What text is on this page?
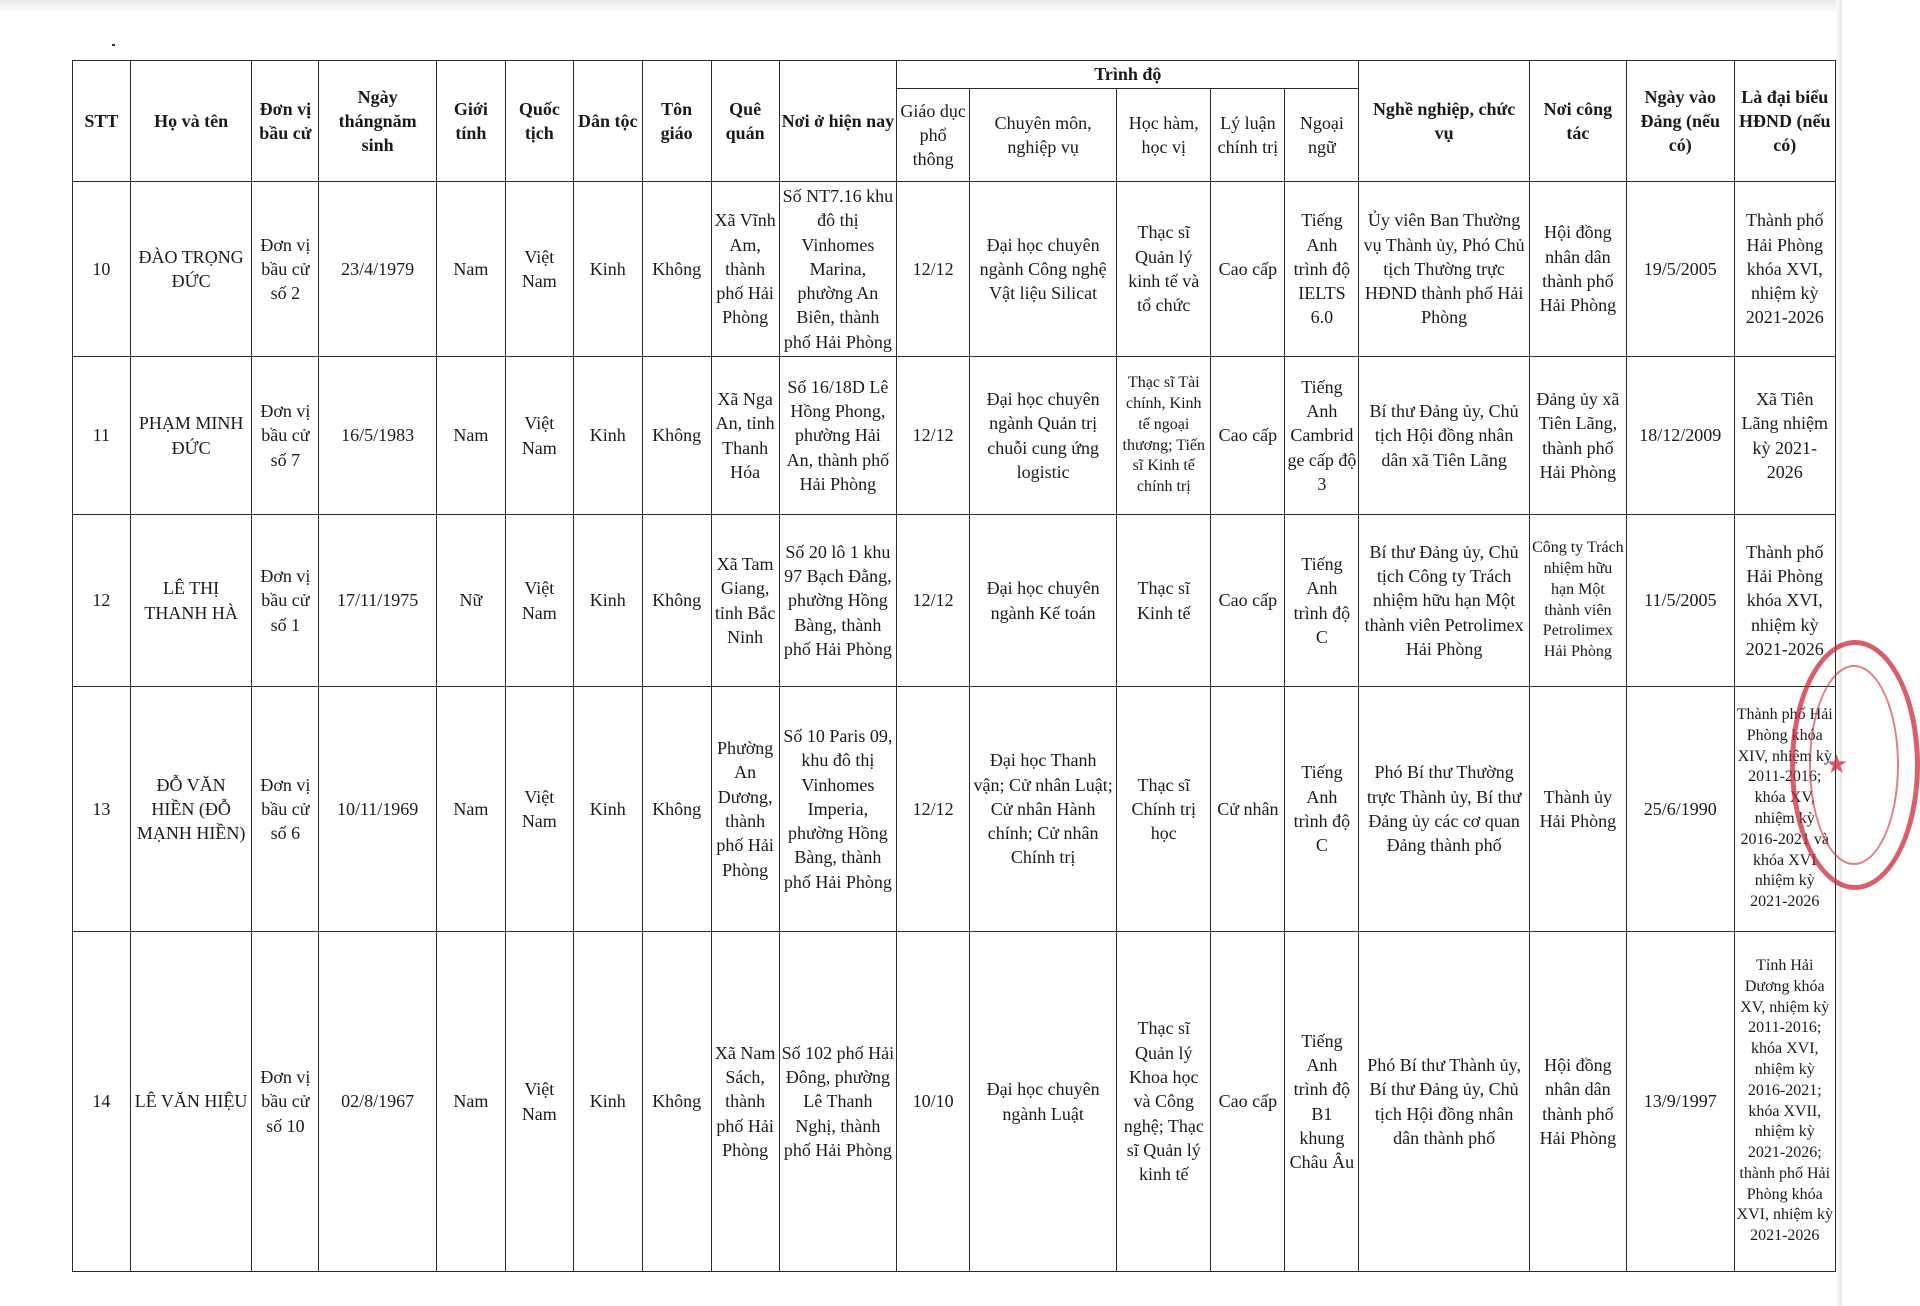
STT	Họ và tên	Đơn vị bầu cử	Ngày thángnăm sinh	Giới tính	Quốc tịch	Dân tộc	Tôn giáo	Quê quán	Nơi ở hiện nay	Trình độ					Nghề nghiệp, chức vụ	Nơi công tác	Ngày vào Đảng (nếu có)	Là đại biểu HĐND (nếu có)
										Giáo dục phổ thông	Chuyên môn, nghiệp vụ	Học hàm, học vị	Lý luận chính trị	Ngoại ngữ				
10	ĐÀO TRỌNG ĐỨC	Đơn vị bầu cử số 2	23/4/1979	Nam	Việt Nam	Kinh	Không	Xã Vĩnh Am, thành phố Hải Phòng	Số NT7.16 khu đô thị Vinhomes Marina, phường An Biên, thành phố Hải Phòng	12/12	Đại học chuyên ngành Công nghệ Vật liệu Silicat	Thạc sĩ Quản lý kinh tế và tổ chức	Cao cấp	Tiếng Anh trình độ IELTS 6.0	Ủy viên Ban Thường vụ Thành ủy, Phó Chủ tịch Thường trực HĐND thành phố Hải Phòng	Hội đồng nhân dân thành phố Hải Phòng	19/5/2005	Thành phố Hải Phòng khóa XVI, nhiệm kỳ 2021-2026
11	PHẠM MINH ĐỨC	Đơn vị bầu cử số 7	16/5/1983	Nam	Việt Nam	Kinh	Không	Xã Nga An, tỉnh Thanh Hóa	Số 16/18D Lê Hồng Phong, phường Hải An, thành phố Hải Phòng	12/12	Đại học chuyên ngành Quản trị chuỗi cung ứng logistic	Thạc sĩ Tài chính, Kinh tế ngoại thương; Tiến sĩ Kinh tế chính trị	Cao cấp	Tiếng Anh Cambridge cấp độ 3	Bí thư Đảng ủy, Chủ tịch Hội đồng nhân dân xã Tiên Lãng	Đảng ủy xã Tiên Lãng, thành phố Hải Phòng	18/12/2009	Xã Tiên Lãng nhiệm kỳ 2021-2026
12	LÊ THỊ THANH HÀ	Đơn vị bầu cử số 1	17/11/1975	Nữ	Việt Nam	Kinh	Không	Xã Tam Giang, tỉnh Bắc Ninh	Số 20 lô 1 khu 97 Bạch Đằng, phường Hồng Bàng, thành phố Hải Phòng	12/12	Đại học chuyên ngành Kế toán	Thạc sĩ Kinh tế	Cao cấp	Tiếng Anh trình độ C	Bí thư Đảng ủy, Chủ tịch Công ty Trách nhiệm hữu hạn Một thành viên Petrolimex Hải Phòng	Công ty Trách nhiệm hữu hạn Một thành viên Petrolimex Hải Phòng	11/5/2005	Thành phố Hải Phòng khóa XVI, nhiệm kỳ 2021-2026
13	ĐỖ VĂN HIỀN (ĐỖ MẠNH HIỀN)	Đơn vị bầu cử số 6	10/11/1969	Nam	Việt Nam	Kinh	Không	Phường An Dương, thành phố Hải Phòng	Số 10 Paris 09, khu đô thị Vinhomes Imperia, phường Hồng Bàng, thành phố Hải Phòng	12/12	Đại học Thanh vận; Cử nhân Luật; Cử nhân Hành chính; Cử nhân Chính trị	Thạc sĩ Chính trị học	Cử nhân	Tiếng Anh trình độ C	Phó Bí thư Thường trực Thành ủy, Bí thư Đảng ủy các cơ quan Đảng thành phố	Thành ủy Hải Phòng	25/6/1990	Thành phố Hải Phòng khóa XIV, nhiệm kỳ 2011-2016; khóa XV, nhiệm kỳ 2016-2021 và khóa XVI nhiệm kỳ 2021-2026
14	LÊ VĂN HIỆU	Đơn vị bầu cử số 10	02/8/1967	Nam	Việt Nam	Kinh	Không	Xã Nam Sách, thành phố Hải Phòng	Số 102 phố Hải Đông, phường Lê Thanh Nghị, thành phố Hải Phòng	10/10	Đại học chuyên ngành Luật	Thạc sĩ Quản lý Khoa học và Công nghệ; Thạc sĩ Quản lý kinh tế	Cao cấp	Tiếng Anh trình độ B1 khung Châu Âu	Phó Bí thư Thành ủy, Bí thư Đảng ủy, Chủ tịch Hội đồng nhân dân thành phố	Hội đồng nhân dân thành phố Hải Phòng	13/9/1997	Tỉnh Hải Dương khóa XV, nhiệm kỳ 2011-2016; khóa XVI, nhiệm kỳ 2016-2021; khóa XVII, nhiệm kỳ 2021-2026; thành phố Hải Phòng khóa XVI, nhiệm kỳ 2021-2026
★
